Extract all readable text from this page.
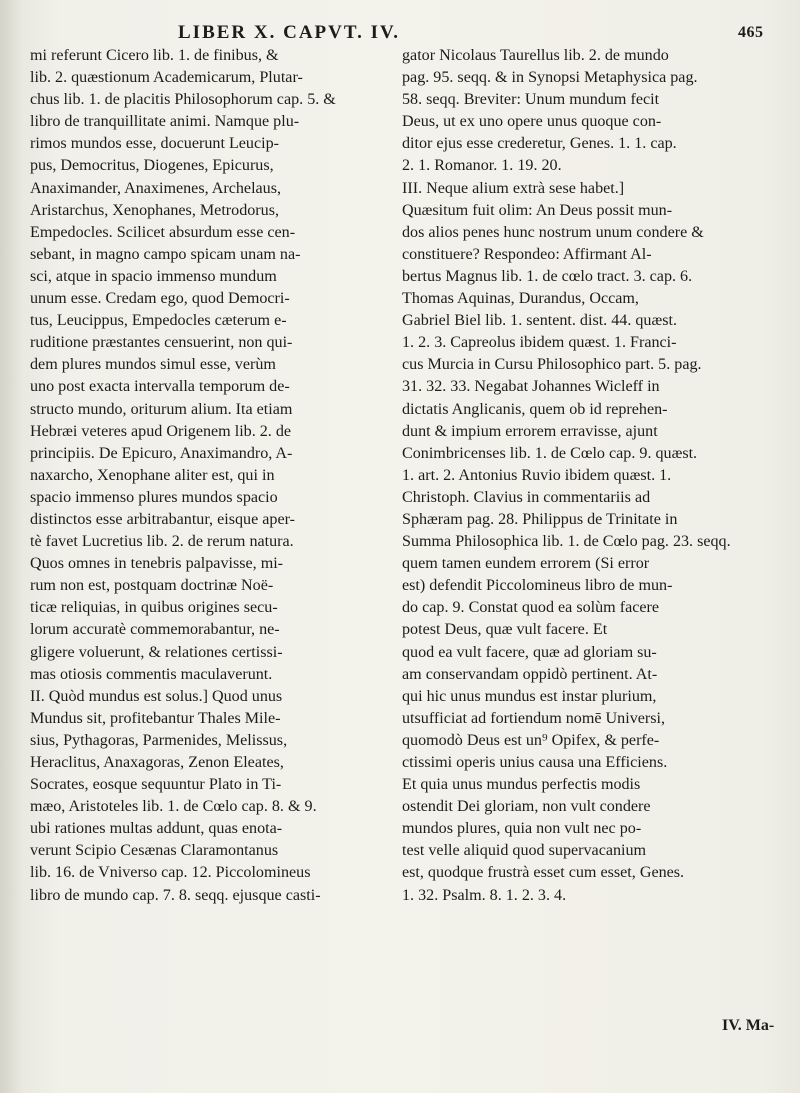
LIBER X. CAPVT. IV.	465
mi referunt Cicero lib. 1. de finibus, &
lib. 2. quæstionum Academicarum, Plutar-
chus lib. 1. de placitis Philosophorum cap. 5. &
libro de tranquillitate animi. Namque plu-
rimos mundos esse, docuerunt Leucip-
pus, Democritus, Diogenes, Epicurus,
Anaximander, Anaximenes, Archelaus,
Aristarchus, Xenophanes, Metrodorus,
Empedocles. Scilicet absurdum esse cen-
sebant, in magno campo spicam unam na-
sci, atque in spacio immenso mundum
unum esse. Credam ego, quod Democri-
tus, Leucippus, Empedocles cæterum e-
ruditione præstantes censuerint, non qui-
dem plures mundos simul esse, verùm
uno post exacta intervalla temporum de-
structo mundo, oriturum alium. Ita etiam
Hebræi veteres apud Origenem lib. 2. de
principiis. De Epicuro, Anaximandro, A-
naxarcho, Xenophane aliter est, qui in
spacio immenso plures mundos spacio
distinctos esse arbitrabantur, eisque aper-
tè favet Lucretius lib. 2. de rerum natura.
Quos omnes in tenebris palpavisse, mi-
rum non est, postquam doctrinæ Noë-
ticæ reliquias, in quibus origines secu-
lorum accuratè commemorabantur, ne-
gligere voluerunt, & relationes certissi-
mas otiosis commentis maculaverunt.
II. Quòd mundus est solus.] Quod unus
Mundus sit, profitebantur Thales Mile-
sius, Pythagoras, Parmenides, Melissus,
Heraclitus, Anaxagoras, Zenon Eleates,
Socrates, eosque sequuntur Plato in Ti-
mæo, Aristoteles lib. 1. de Cœlo cap. 8. & 9.
ubi rationes multas addunt, quas enota-
verunt Scipio Cesænas Claramontanus
lib. 16. de Vniverso cap. 12. Piccolomineus
libro de mundo cap. 7. 8. seqq. ejusque casti-
gator Nicolaus Taurellus lib. 2. de mundo
pag. 95. seqq. & in Synopsi Metaphysica pag.
58. seqq. Breviter: Unum mundum fecit
Deus, ut ex uno opere unus quoque con-
ditor ejus esse crederetur, Genes. 1. 1. cap.
2. 1. Romanor. 1. 19. 20.
III. Neque alium extrà sese habet.]
Quæsitum fuit olim: An Deus possit mun-
dos alios penes hunc nostrum unum condere &
constituere? Respondeo: Affirmant Al-
bertus Magnus lib. 1. de cœlo tract. 3. cap. 6.
Thomas Aquinas, Durandus, Occam,
Gabriel Biel lib. 1. sentent. dist. 44. quæst.
1. 2. 3. Capreolus ibidem quæst. 1. Franci-
cus Murcia in Cursu Philosophico part. 5. pag.
31. 32. 33. Negabat Johannes Wicleff in
dictatis Anglicanis, quem ob id reprehen-
dunt & impium errorem erravisse, ajunt
Conimbricenses lib. 1. de Cœlo cap. 9. quæst.
1. art. 2. Antonius Ruvio ibidem quæst. 1.
Christoph. Clavius in commentariis ad
Sphæram pag. 28. Philippus de Trinitate in
Summa Philosophica lib. 1. de Cœlo pag. 23. seqq.
quem tamen eundem errorem (Si error
est) defendit Piccolomineus libro de mun-
do cap. 9. Constat quod ea solùm facere
potest Deus, quæ vult facere. Et
quod ea vult facere, quæ ad gloriam su-
am conservandam oppidò pertinent. At-
qui hic unus mundus est instar plurium,
utsufficiat ad fortiendum nomē Universi,
quomodò Deus est un⁹ Opifex, & perfe-
ctissimi operis unius causa una Efficiens.
Et quia unus mundus perfectis modis
ostendit Dei gloriam, non vult condere
mundos plures, quia non vult nec po-
test velle aliquid quod supervacanium
est, quodque frustrà esset cum esset, Genes.
1. 32. Psalm. 8. 1. 2. 3. 4.
IV. Ma-
